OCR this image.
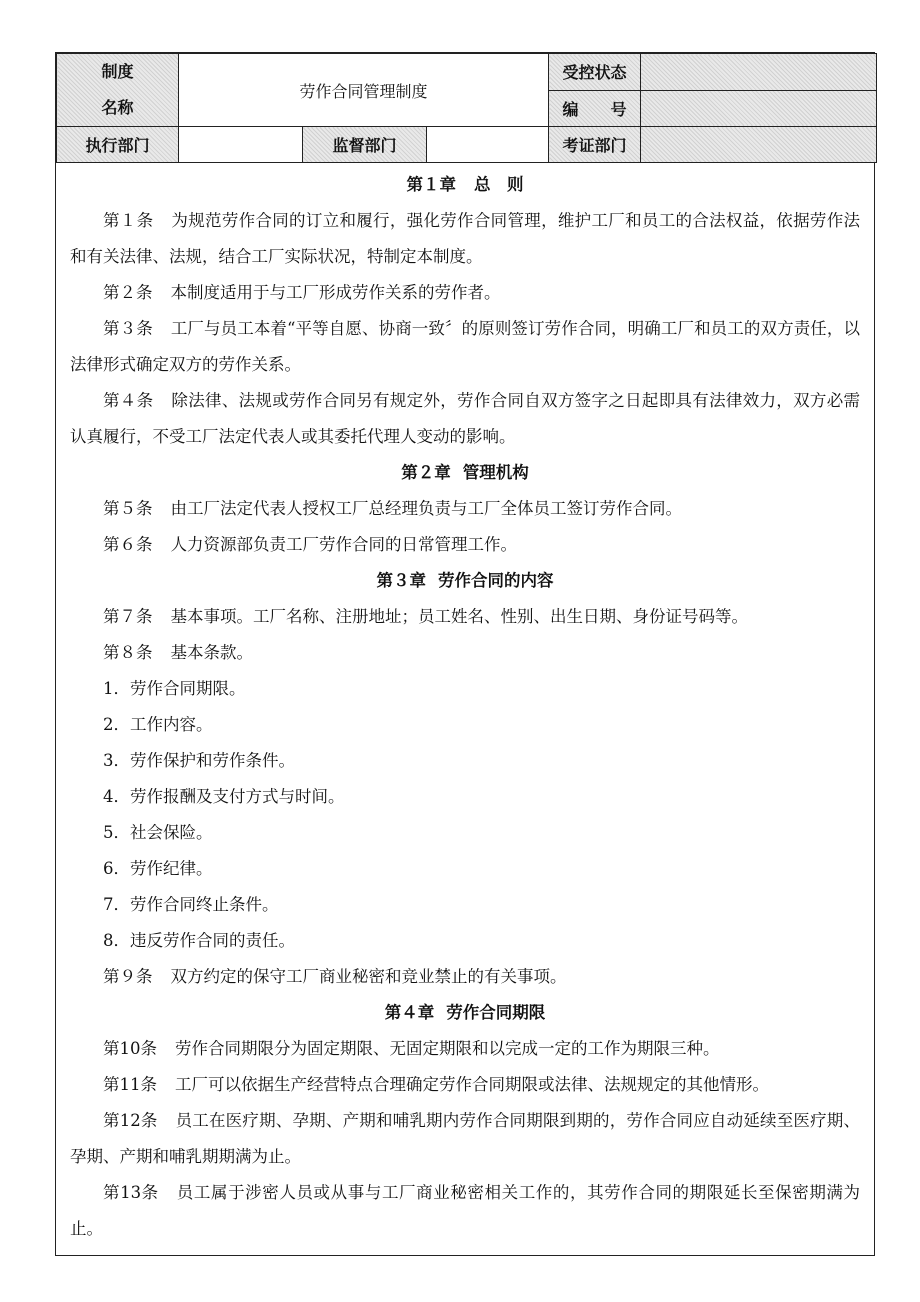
制度
名称	劳作合同管理制度			受控状态	
				编　　号	
执行部门		监督部门		考证部门	
第１章 总　则

第１条 为规范劳作合同的订立和履行，强化劳作合同管理，维护工厂和员工的合法权益，依据劳作法和有关法律、法规，结合工厂实际状况，特制定本制度。

第２条 本制度适用于与工厂形成劳作关系的劳作者。

第３条 工厂与员工本着“平等自愿、协商一致〞的原则签订劳作合同，明确工厂和员工的双方责任，以法律形式确定双方的劳作关系。

第４条 除法律、法规或劳作合同另有规定外，劳作合同自双方签字之日起即具有法律效力，双方必需认真履行，不受工厂法定代表人或其委托代理人变动的影响。

第２章 管理机构

第５条 由工厂法定代表人授权工厂总经理负责与工厂全体员工签订劳作合同。

第６条 人力资源部负责工厂劳作合同的日常管理工作。

第３章 劳作合同的内容

第７条 基本事项。工厂名称、注册地址；员工姓名、性别、出生日期、身份证号码等。

第８条 基本条款。

1．劳作合同期限。

2．工作内容。

3．劳作保护和劳作条件。

4．劳作报酬及支付方式与时间。

5．社会保险。

6．劳作纪律。

7．劳作合同终止条件。

8．违反劳作合同的责任。

第９条 双方约定的保守工厂商业秘密和竞业禁止的有关事项。

第４章 劳作合同期限

第10条 劳作合同期限分为固定期限、无固定期限和以完成一定的工作为期限三种。

第11条 工厂可以依据生产经营特点合理确定劳作合同期限或法律、法规规定的其他情形。

第12条 员工在医疗期、孕期、产期和哺乳期内劳作合同期限到期的，劳作合同应自动延续至医疗期、孕期、产期和哺乳期期满为止。

第13条 员工属于涉密人员或从事与工厂商业秘密相关工作的，其劳作合同的期限延长至保密期满为止。
